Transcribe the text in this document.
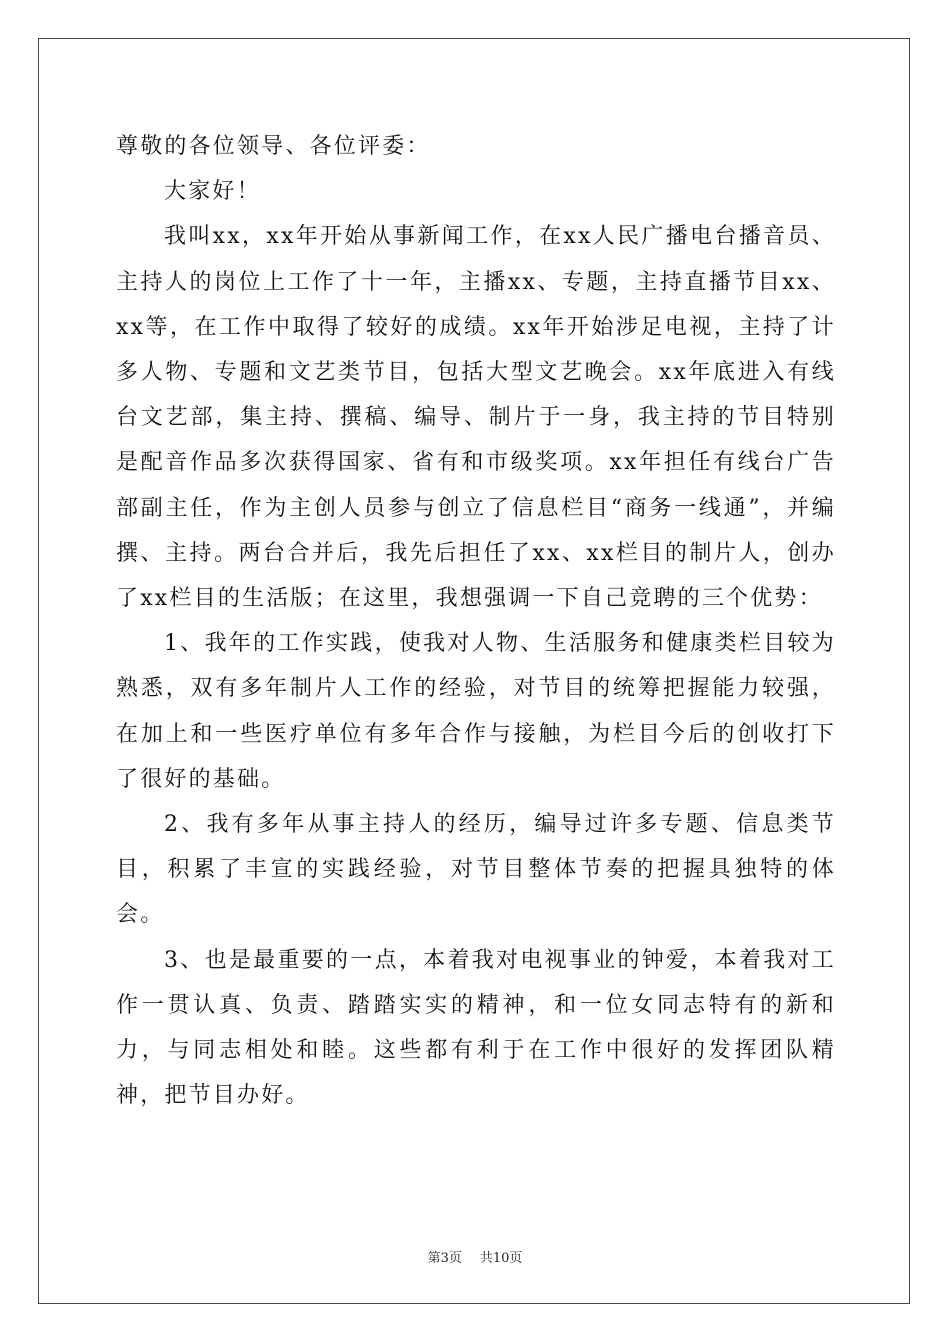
尊敬的各位领导、各位评委：

大家好！

我叫xx，xx年开始从事新闻工作，在xx人民广播电台播音员、主持人的岗位上工作了十一年，主播xx、专题，主持直播节目xx、xx等，在工作中取得了较好的成绩。xx年开始涉足电视，主持了计多人物、专题和文艺类节目，包括大型文艺晚会。xx年底进入有线台文艺部，集主持、撰稿、编导、制片于一身，我主持的节目特别是配音作品多次获得国家、省有和市级奖项。xx年担任有线台广告部副主任，作为主创人员参与创立了信息栏目“商务一线通”，并编撰、主持。两台合并后，我先后担任了xx、xx栏目的制片人，创办了xx栏目的生活版；在这里，我想强调一下自己竞聘的三个优势：

1、我年的工作实践，使我对人物、生活服务和健康类栏目较为熟悉，双有多年制片人工作的经验，对节目的统筹把握能力较强，在加上和一些医疗单位有多年合作与接触，为栏目今后的创收打下了很好的基础。

2、我有多年从事主持人的经历，编导过许多专题、信息类节目，积累了丰宣的实践经验，对节目整体节奏的把握具独特的体会。

3、也是最重要的一点，本着我对电视事业的钟爱，本着我对工作一贯认真、负责、踏踏实实的精神，和一位女同志特有的新和力，与同志相处和睦。这些都有利于在工作中很好的发挥团队精神，把节目办好。

第3页 共10页
